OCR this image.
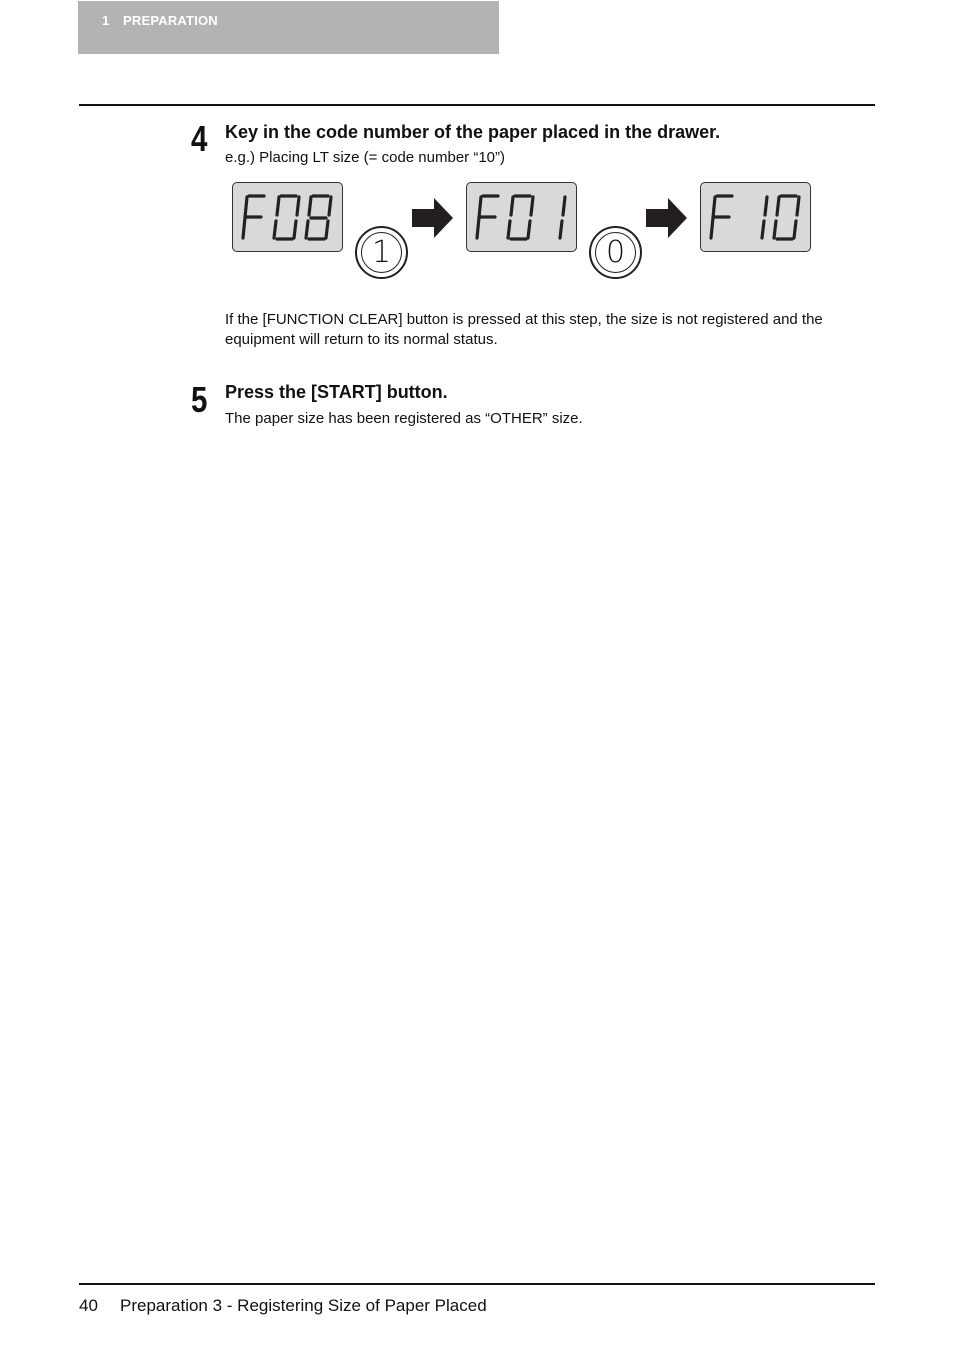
1 PREPARATION
4 Key in the code number of the paper placed in the drawer.
e.g.) Placing LT size (= code number “10”)
1	0
If the [FUNCTION CLEAR] button is pressed at this step, the size is not registered and the equipment will return to its normal status.
5 Press the [START] button.
The paper size has been registered as “OTHER” size.
40 Preparation 3 - Registering Size of Paper Placed
